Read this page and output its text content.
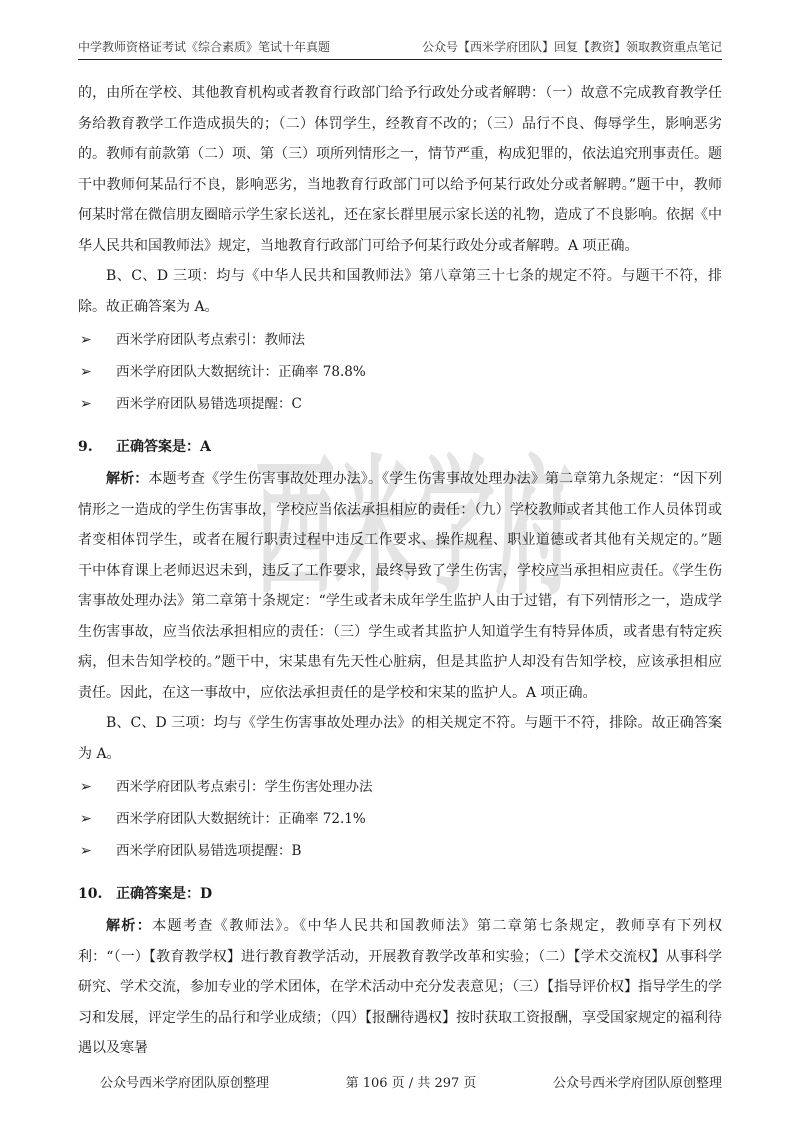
中学教师资格证考试《综合素质》笔试十年真题	公众号【西米学府团队】回复【教资】领取教资重点笔记
西米学府

的，由所在学校、其他教育机构或者教育行政部门给予行政处分或者解聘：（一）故意不完成教育教学任务给教育教学工作造成损失的；（二）体罚学生，经教育不改的；（三）品行不良、侮辱学生，影响恶劣的。教师有前款第（二）项、第（三）项所列情形之一，情节严重，构成犯罪的，依法追究刑事责任。题干中教师何某品行不良，影响恶劣，当地教育行政部门可以给予何某行政处分或者解聘。”题干中，教师何某时常在微信朋友圈暗示学生家长送礼，还在家长群里展示家长送的礼物，造成了不良影响。依据《中华人民共和国教师法》规定，当地教育行政部门可给予何某行政处分或者解聘。A 项正确。

B、C、D 三项：均与《中华人民共和国教师法》第八章第三十七条的规定不符。与题干不符，排除。故正确答案为 A。

➢	西米学府团队考点索引：教师法
➢	西米学府团队大数据统计：正确率 78.8%
➢	西米学府团队易错选项提醒：C
9.	正确答案是：A

解析：本题考查《学生伤害事故处理办法》。《学生伤害事故处理办法》第二章第九条规定：“因下列情形之一造成的学生伤害事故，学校应当依法承担相应的责任：（九）学校教师或者其他工作人员体罚或者变相体罚学生，或者在履行职责过程中违反工作要求、操作规程、职业道德或者其他有关规定的。”题干中体育课上老师迟迟未到，违反了工作要求，最终导致了学生伤害，学校应当承担相应责任。《学生伤害事故处理办法》第二章第十条规定：“学生或者未成年学生监护人由于过错，有下列情形之一，造成学生伤害事故，应当依法承担相应的责任：（三）学生或者其监护人知道学生有特异体质，或者患有特定疾病，但未告知学校的。”题干中，宋某患有先天性心脏病，但是其监护人却没有告知学校，应该承担相应责任。因此，在这一事故中，应依法承担责任的是学校和宋某的监护人。A 项正确。

B、C、D 三项：均与《学生伤害事故处理办法》的相关规定不符。与题干不符，排除。故正确答案为 A。

➢	西米学府团队考点索引：学生伤害处理办法
➢	西米学府团队大数据统计：正确率 72.1%
➢	西米学府团队易错选项提醒：B
10. 正确答案是：D

解析：本题考查《教师法》。《中华人民共和国教师法》第二章第七条规定，教师享有下列权利：“（一）【教育教学权】进行教育教学活动，开展教育教学改革和实验；（二）【学术交流权】从事科学研究、学术交流，参加专业的学术团体，在学术活动中充分发表意见；（三）【指导评价权】指导学生的学习和发展，评定学生的品行和学业成绩；（四）【报酬待遇权】按时获取工资报酬，享受国家规定的福利待遇以及寒暑

公众号西米学府团队原创整理	第 106 页 / 共 297 页	公众号西米学府团队原创整理
